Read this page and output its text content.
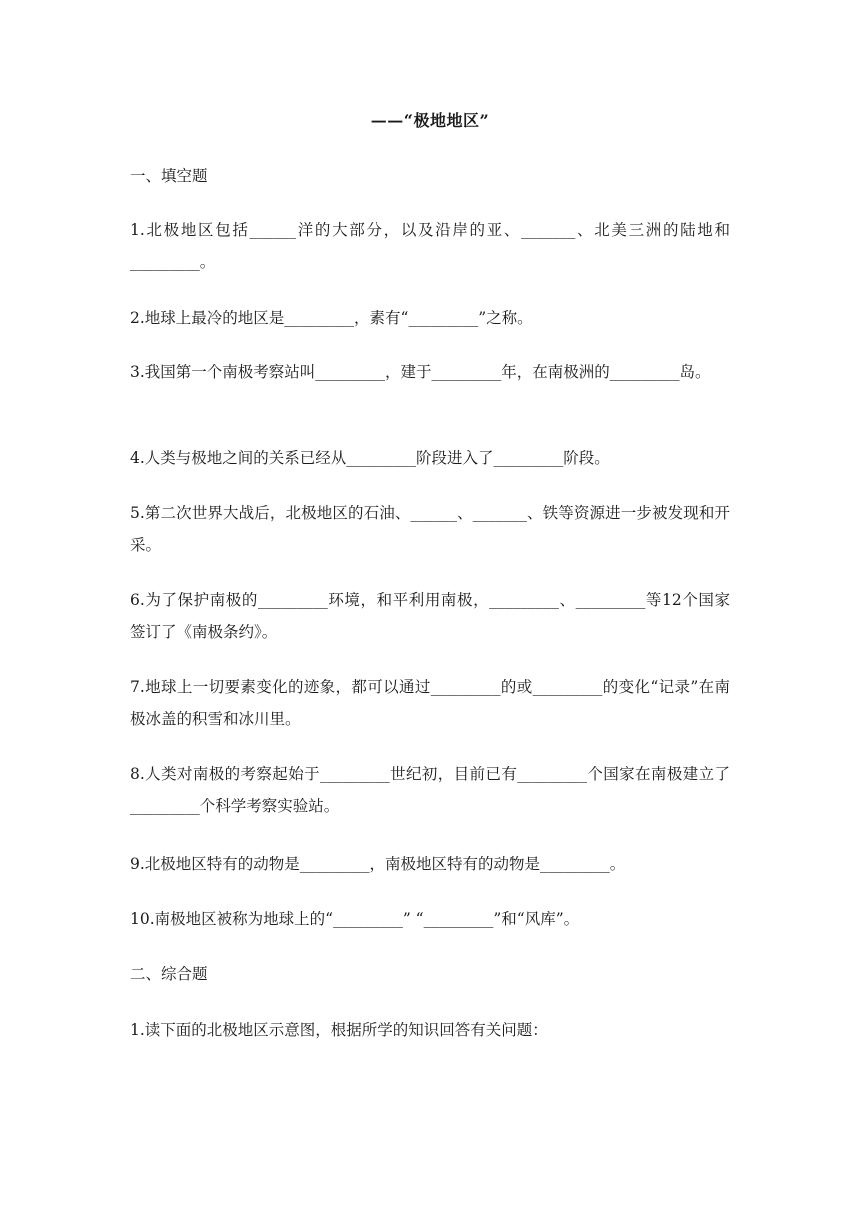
——“极地地区”
一、填空题
1.北极地区包括______洋的大部分，以及沿岸的亚、_______、北美三洲的陆地和_________。
2.地球上最冷的地区是_________，素有“_________”之称。
3.我国第一个南极考察站叫_________，建于_________年，在南极洲的_________岛。
4.人类与极地之间的关系已经从_________阶段进入了_________阶段。
5.第二次世界大战后，北极地区的石油、______、_______、铁等资源进一步被发现和开采。
6.为了保护南极的_________环境，和平利用南极，_________、_________等12个国家签订了《南极条约》。
7.地球上一切要素变化的迹象，都可以通过_________的或_________的变化“记录”在南极冰盖的积雪和冰川里。
8.人类对南极的考察起始于_________世纪初，目前已有_________个国家在南极建立了_________个科学考察实验站。
9.北极地区特有的动物是_________，南极地区特有的动物是_________。
10.南极地区被称为地球上的“_________” “_________”和“风库”。
二、综合题
1.读下面的北极地区示意图，根据所学的知识回答有关问题：
